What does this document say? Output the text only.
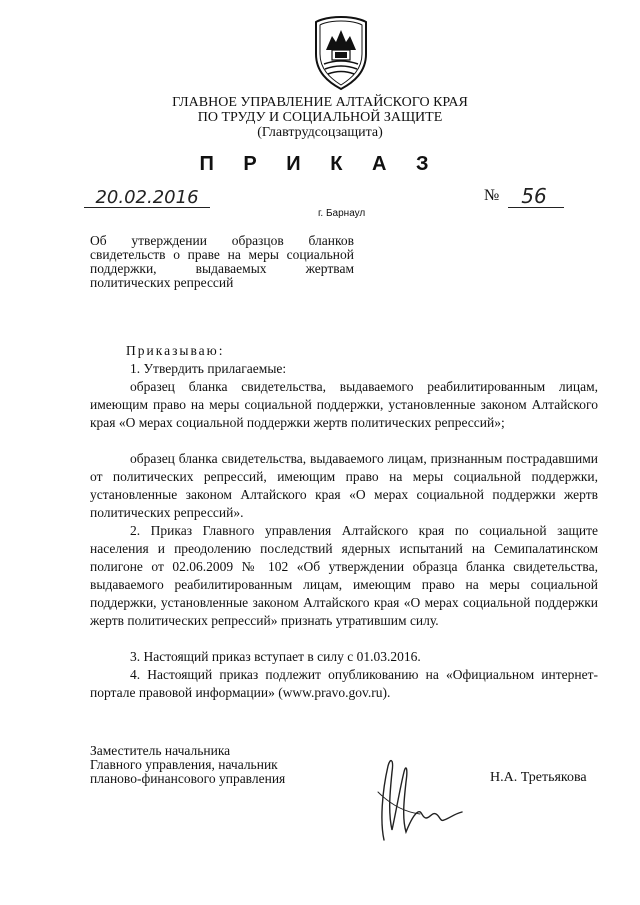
ГЛАВНОЕ УПРАВЛЕНИЕ АЛТАЙСКОГО КРАЯ
ПО ТРУДУ И СОЦИАЛЬНОЙ ЗАЩИТЕ
(Главтрудсоцзащита)
П Р И К А З
20.02.2016	№	56
г. Барнаул
Об утверждении образцов бланков свидетельств о праве на меры социальной поддержки, выдаваемых жертвам политических репрессий
Приказываю:
1. Утвердить прилагаемые:
образец бланка свидетельства, выдаваемого реабилитированным лицам, имеющим право на меры социальной поддержки, установленные законом Алтайского края «О мерах социальной поддержки жертв политических репрессий»;
образец бланка свидетельства, выдаваемого лицам, признанным пострадавшими от политических репрессий, имеющим право на меры социальной поддержки, установленные законом Алтайского края «О мерах социальной поддержки жертв политических репрессий».
2. Приказ Главного управления Алтайского края по социальной защите населения и преодолению последствий ядерных испытаний на Семипалатинском полигоне от 02.06.2009 № 102 «Об утверждении образца бланка свидетельства, выдаваемого реабилитированным лицам, имеющим право на меры социальной поддержки, установленные законом Алтайского края «О мерах социальной поддержки жертв политических репрессий» признать утратившим силу.
3. Настоящий приказ вступает в силу с 01.03.2016.
4. Настоящий приказ подлежит опубликованию на «Официальном интернет-портале правовой информации» (www.pravo.gov.ru).
Заместитель начальника
Главного управления, начальник
планово-финансового управления	Н.А. Третьякова
